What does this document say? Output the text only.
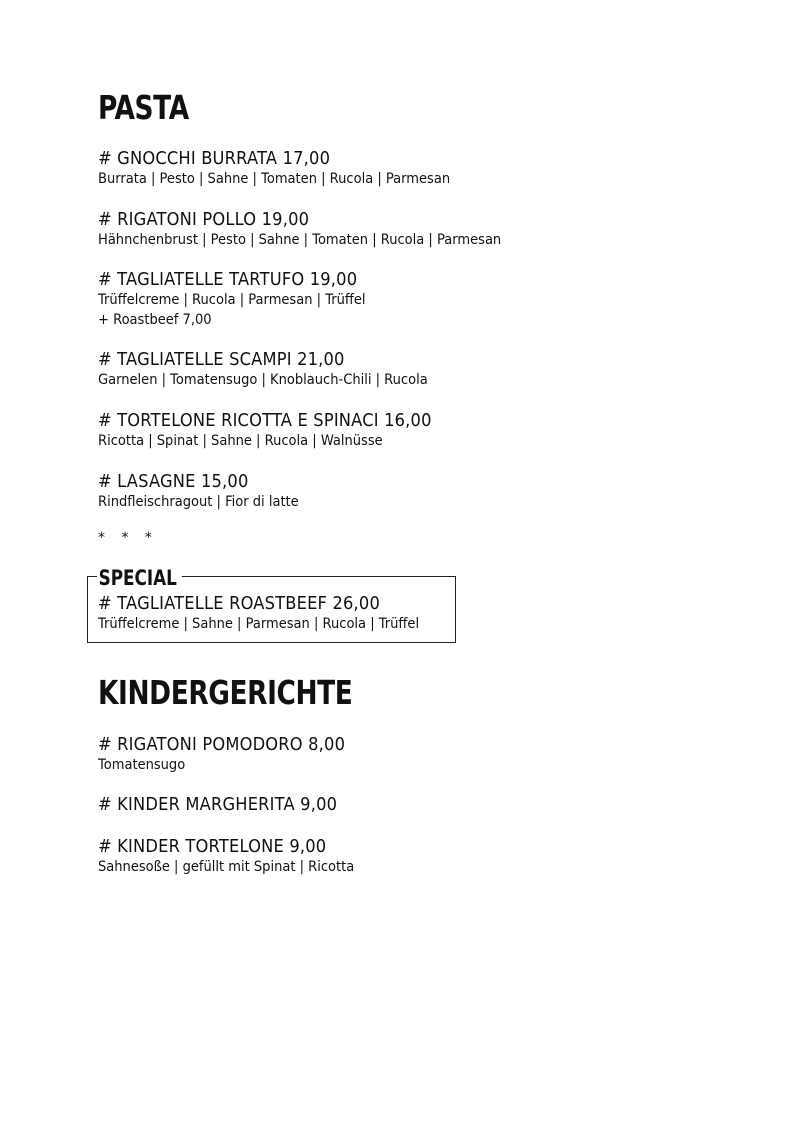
PASTA
# GNOCCHI BURRATA 17,00
Burrata | Pesto | Sahne | Tomaten | Rucola | Parmesan
# RIGATONI POLLO 19,00
Hähnchenbrust | Pesto | Sahne | Tomaten | Rucola | Parmesan
# TAGLIATELLE TARTUFO 19,00
Trüffelcreme | Rucola | Parmesan | Trüffel
+ Roastbeef 7,00
# TAGLIATELLE SCAMPI 21,00
Garnelen | Tomatensugo | Knoblauch-Chili | Rucola
# TORTELONE RICOTTA E SPINACI 16,00
Ricotta | Spinat | Sahne | Rucola | Walnüsse
# LASAGNE 15,00
Rindfleischragout | Fior di latte
* * *
SPECIAL
# TAGLIATELLE ROASTBEEF 26,00
Trüffelcreme | Sahne | Parmesan | Rucola | Trüffel
KINDERGERICHTE
# RIGATONI POMODORO 8,00
Tomatensugo
# KINDER MARGHERITA 9,00
# KINDER TORTELONE 9,00
Sahnesoße | gefüllt mit Spinat | Ricotta
